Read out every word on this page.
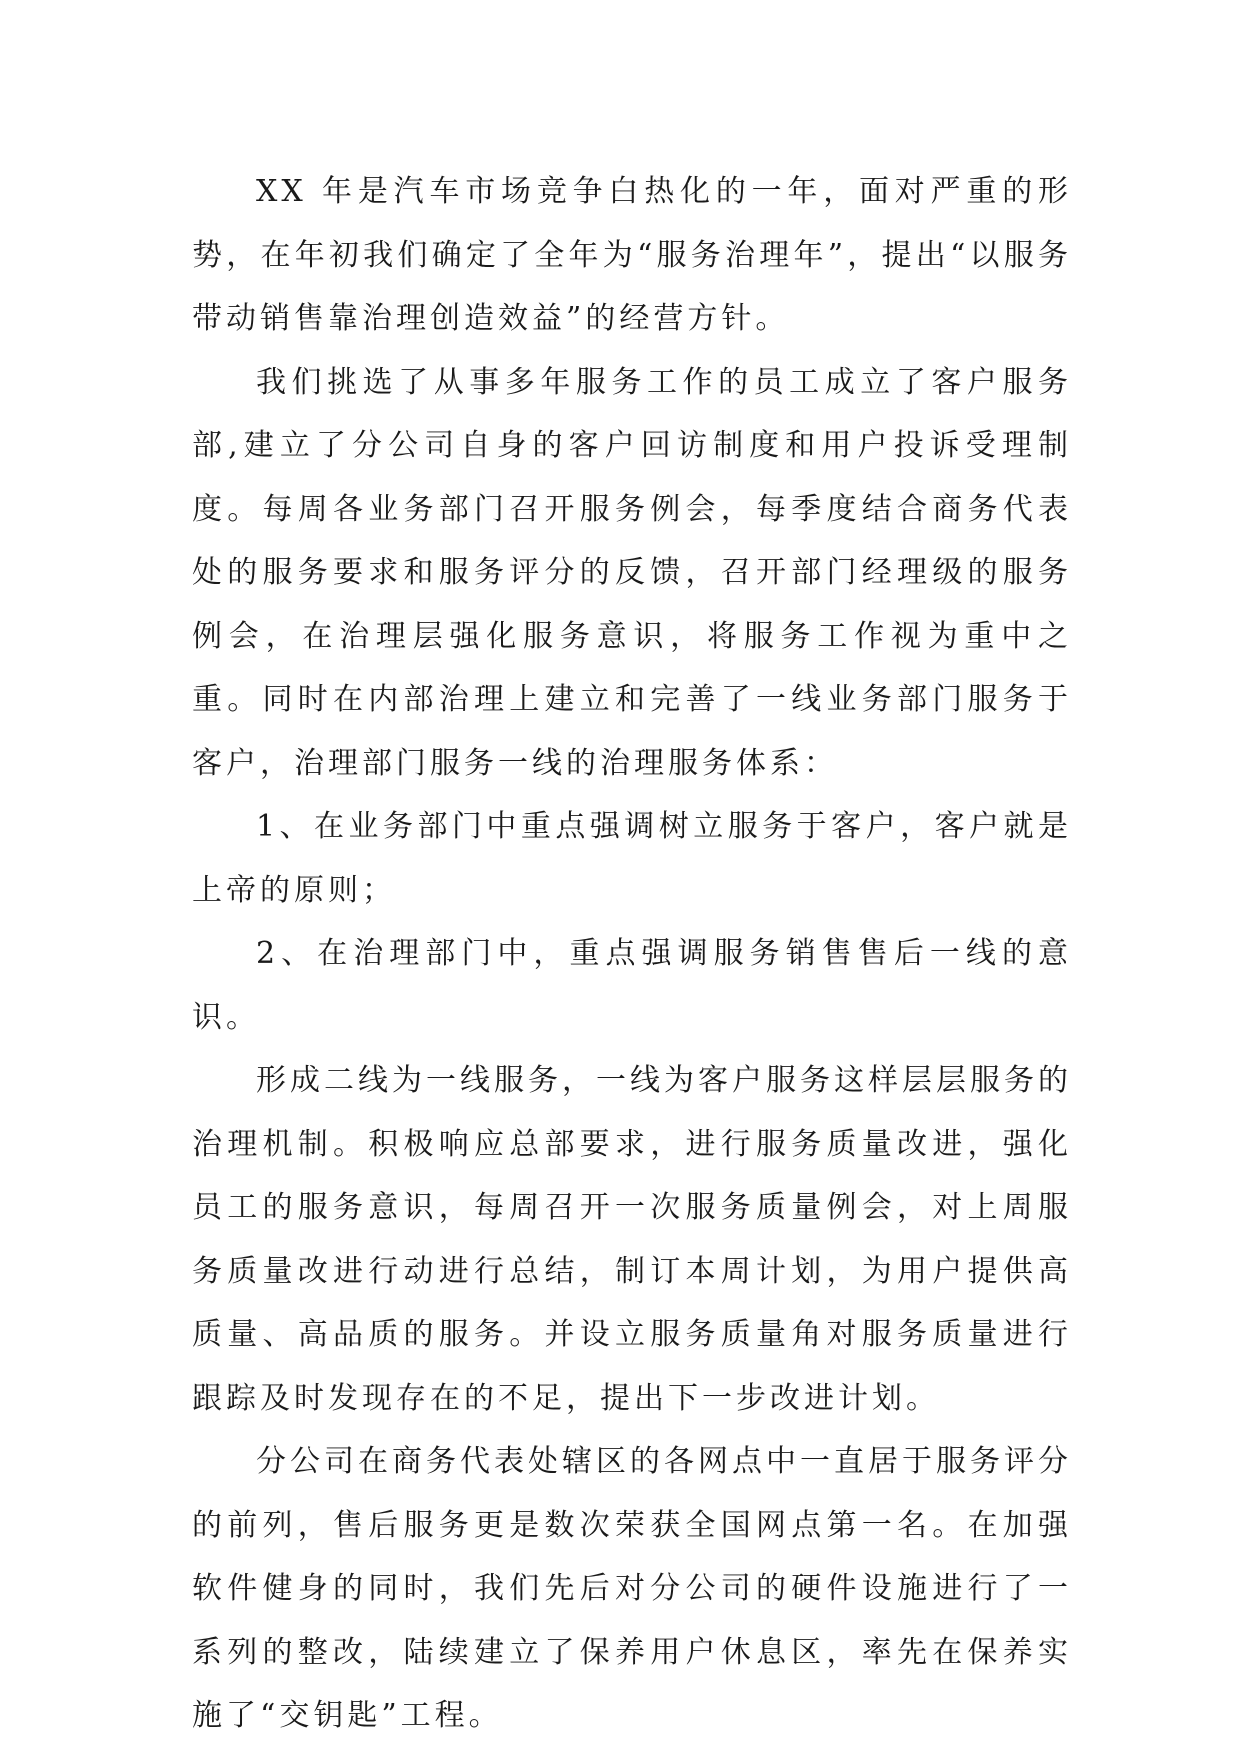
XX 年是汽车市场竞争白热化的一年，面对严重的形势，在年初我们确定了全年为“服务治理年”，提出“以服务带动销售靠治理创造效益”的经营方针。

我们挑选了从事多年服务工作的员工成立了客户服务部,建立了分公司自身的客户回访制度和用户投诉受理制度。每周各业务部门召开服务例会，每季度结合商务代表处的服务要求和服务评分的反馈，召开部门经理级的服务例会，在治理层强化服务意识，将服务工作视为重中之重。同时在内部治理上建立和完善了一线业务部门服务于客户，治理部门服务一线的治理服务体系：

1、在业务部门中重点强调树立服务于客户，客户就是上帝的原则；

2、在治理部门中，重点强调服务销售售后一线的意识。

形成二线为一线服务，一线为客户服务这样层层服务的治理机制。积极响应总部要求，进行服务质量改进，强化员工的服务意识，每周召开一次服务质量例会，对上周服务质量改进行动进行总结，制订本周计划，为用户提供高质量、高品质的服务。并设立服务质量角对服务质量进行跟踪及时发现存在的不足，提出下一步改进计划。

分公司在商务代表处辖区的各网点中一直居于服务评分的前列，售后服务更是数次荣获全国网点第一名。在加强软件健身的同时，我们先后对分公司的硬件设施进行了一系列的整改，陆续建立了保养用户休息区，率先在保养实施了“交钥匙”工程。
